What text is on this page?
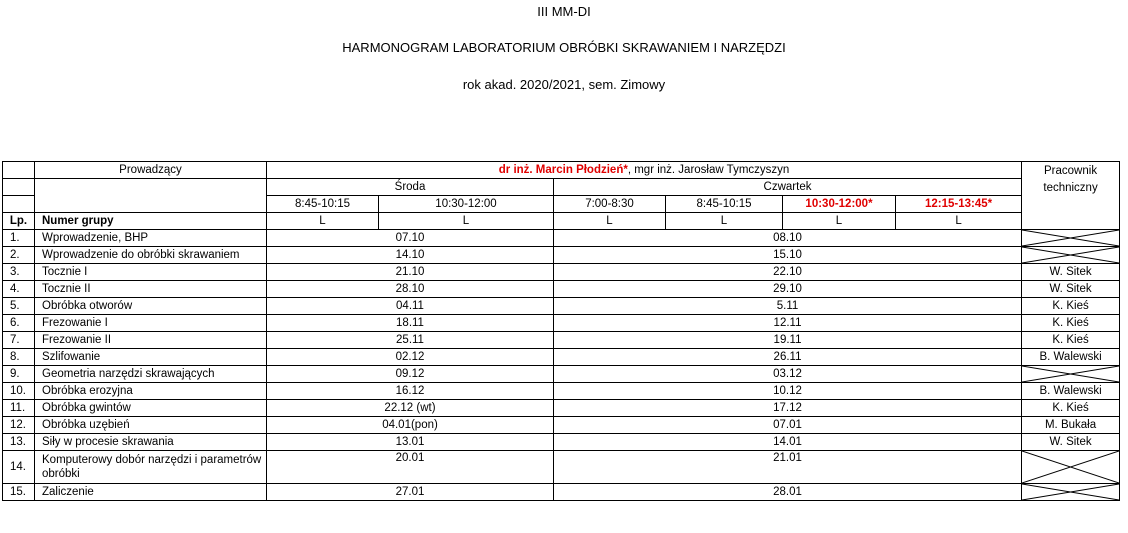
III MM-DI
HARMONOGRAM LABORATORIUM OBRÓBKI SKRAWANIEM I NARZĘDZI
rok akad. 2020/2021, sem. Zimowy
	Prowadzący	dr inż. Marcin Płodzień*, mgr inż. Jarosław Tymczyszyn						Pracownik techniczny
		Środa		Czwartek				
		8:45-10:15	10:30-12:00	7:00-8:30	8:45-10:15	10:30-12:00*	12:15-13:45*	
Lp.	Numer grupy	L	L	L	L	L	L	
1.	Wprowadzenie, BHP	07.10		08.10	

2.	Wprowadzenie do obróbki skrawaniem	14.10		15.10	

3.	Tocznie I	21.10		22.10				W. Sitek
4.	Tocznie II	28.10		29.10				W. Sitek
5.	Obróbka otworów	04.11		5.11				K. Kieś
6.	Frezowanie I	18.11		12.11				K. Kieś
7.	Frezowanie II	25.11		19.11				K. Kieś
8.	Szlifowanie	02.12		26.11				B. Walewski
9.	Geometria narzędzi skrawających	09.12		03.12	

10.	Obróbka erozyjna	16.12		10.12				B. Walewski
11.	Obróbka gwintów	22.12 (wt)		17.12				K. Kieś
12.	Obróbka uzębień	04.01(pon)		07.01				M. Bukała
13.	Siły w procesie skrawania	13.01		14.01				W. Sitek
14.	Komputerowy dobór narzędzi i parametrów obróbki	20.01		21.01	

15.	Zaliczenie	27.01		28.01	
